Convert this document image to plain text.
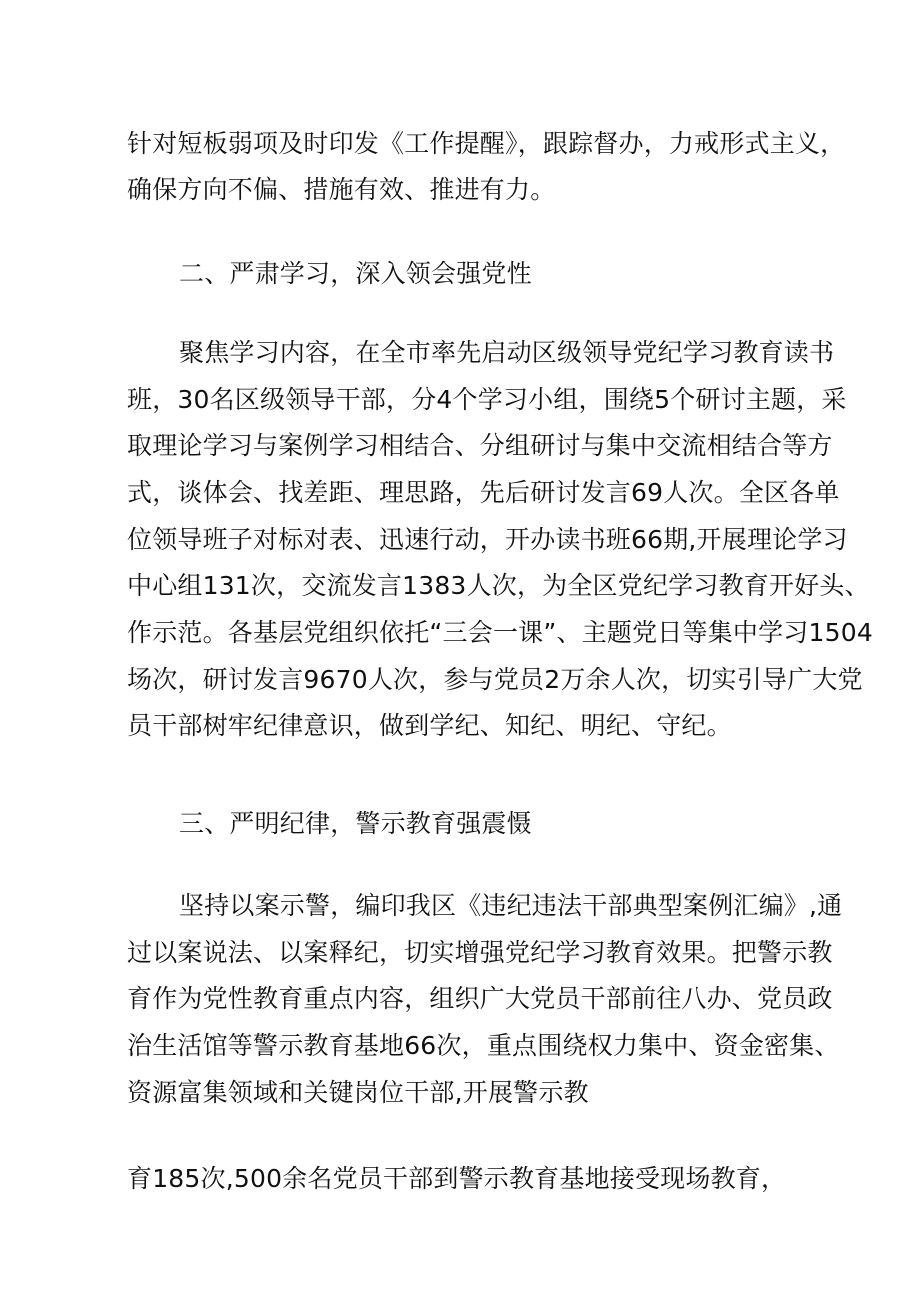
针对短板弱项及时印发《工作提醒》，跟踪督办，力戒形式主义，
确保方向不偏、措施有效、推进有力。
二、严肃学习，深入领会强党性
聚焦学习内容，在全市率先启动区级领导党纪学习教育读书
班，30名区级领导干部，分4个学习小组，围绕5个研讨主题，采
取理论学习与案例学习相结合、分组研讨与集中交流相结合等方
式，谈体会、找差距、理思路，先后研讨发言69人次。全区各单
位领导班子对标对表、迅速行动，开办读书班66期,开展理论学习
中心组131次，交流发言1383人次，为全区党纪学习教育开好头、
作示范。各基层党组织依托“三会一课”、主题党日等集中学习1504
场次，研讨发言9670人次，参与党员2万余人次，切实引导广大党
员干部树牢纪律意识，做到学纪、知纪、明纪、守纪。
三、严明纪律，警示教育强震慑
坚持以案示警，编印我区《违纪违法干部典型案例汇编》,通
过以案说法、以案释纪，切实增强党纪学习教育效果。把警示教
育作为党性教育重点内容，组织广大党员干部前往八办、党员政
治生活馆等警示教育基地66次，重点围绕权力集中、资金密集、
资源富集领域和关键岗位干部,开展警示教
育185次,500余名党员干部到警示教育基地接受现场教育，
